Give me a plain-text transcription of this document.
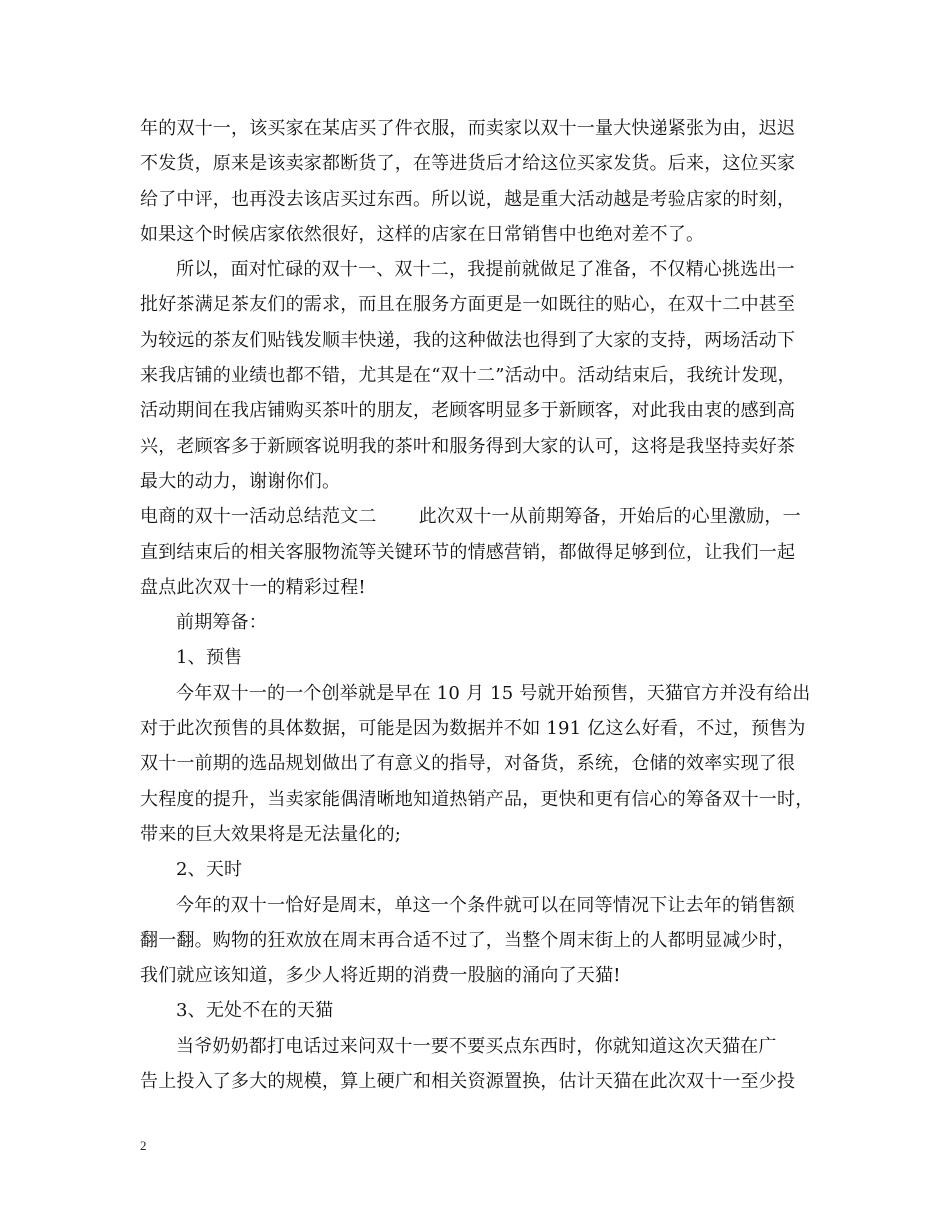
年的双十一，该买家在某店买了件衣服，而卖家以双十一量大快递紧张为由，迟迟
不发货，原来是该卖家都断货了，在等进货后才给这位买家发货。后来，这位买家
给了中评，也再没去该店买过东西。所以说，越是重大活动越是考验店家的时刻，
如果这个时候店家依然很好，这样的店家在日常销售中也绝对差不了。
所以，面对忙碌的双十一、双十二，我提前就做足了准备，不仅精心挑选出一
批好茶满足茶友们的需求，而且在服务方面更是一如既往的贴心，在双十二中甚至
为较远的茶友们贴钱发顺丰快递，我的这种做法也得到了大家的支持，两场活动下
来我店铺的业绩也都不错，尤其是在“双十二”活动中。活动结束后，我统计发现，
活动期间在我店铺购买茶叶的朋友，老顾客明显多于新顾客，对此我由衷的感到高
兴，老顾客多于新顾客说明我的茶叶和服务得到大家的认可，这将是我坚持卖好茶
最大的动力，谢谢你们。
电商的双十一活动总结范文二 此次双十一从前期筹备，开始后的心里激励，一
直到结束后的相关客服物流等关键环节的情感营销，都做得足够到位，让我们一起
盘点此次双十一的精彩过程!
前期筹备：
1、预售
今年双十一的一个创举就是早在 10 月 15 号就开始预售，天猫官方并没有给出
对于此次预售的具体数据，可能是因为数据并不如 191 亿这么好看，不过，预售为
双十一前期的选品规划做出了有意义的指导，对备货，系统，仓储的效率实现了很
大程度的提升，当卖家能偶清晰地知道热销产品，更快和更有信心的筹备双十一时，
带来的巨大效果将是无法量化的;
2、天时
今年的双十一恰好是周末，单这一个条件就可以在同等情况下让去年的销售额
翻一翻。购物的狂欢放在周末再合适不过了，当整个周末街上的人都明显减少时，
我们就应该知道，多少人将近期的消费一股脑的涌向了天猫!
3、无处不在的天猫
当爷奶奶都打电话过来问双十一要不要买点东西时，你就知道这次天猫在广
告上投入了多大的规模，算上硬广和相关资源置换，估计天猫在此次双十一至少投
2
